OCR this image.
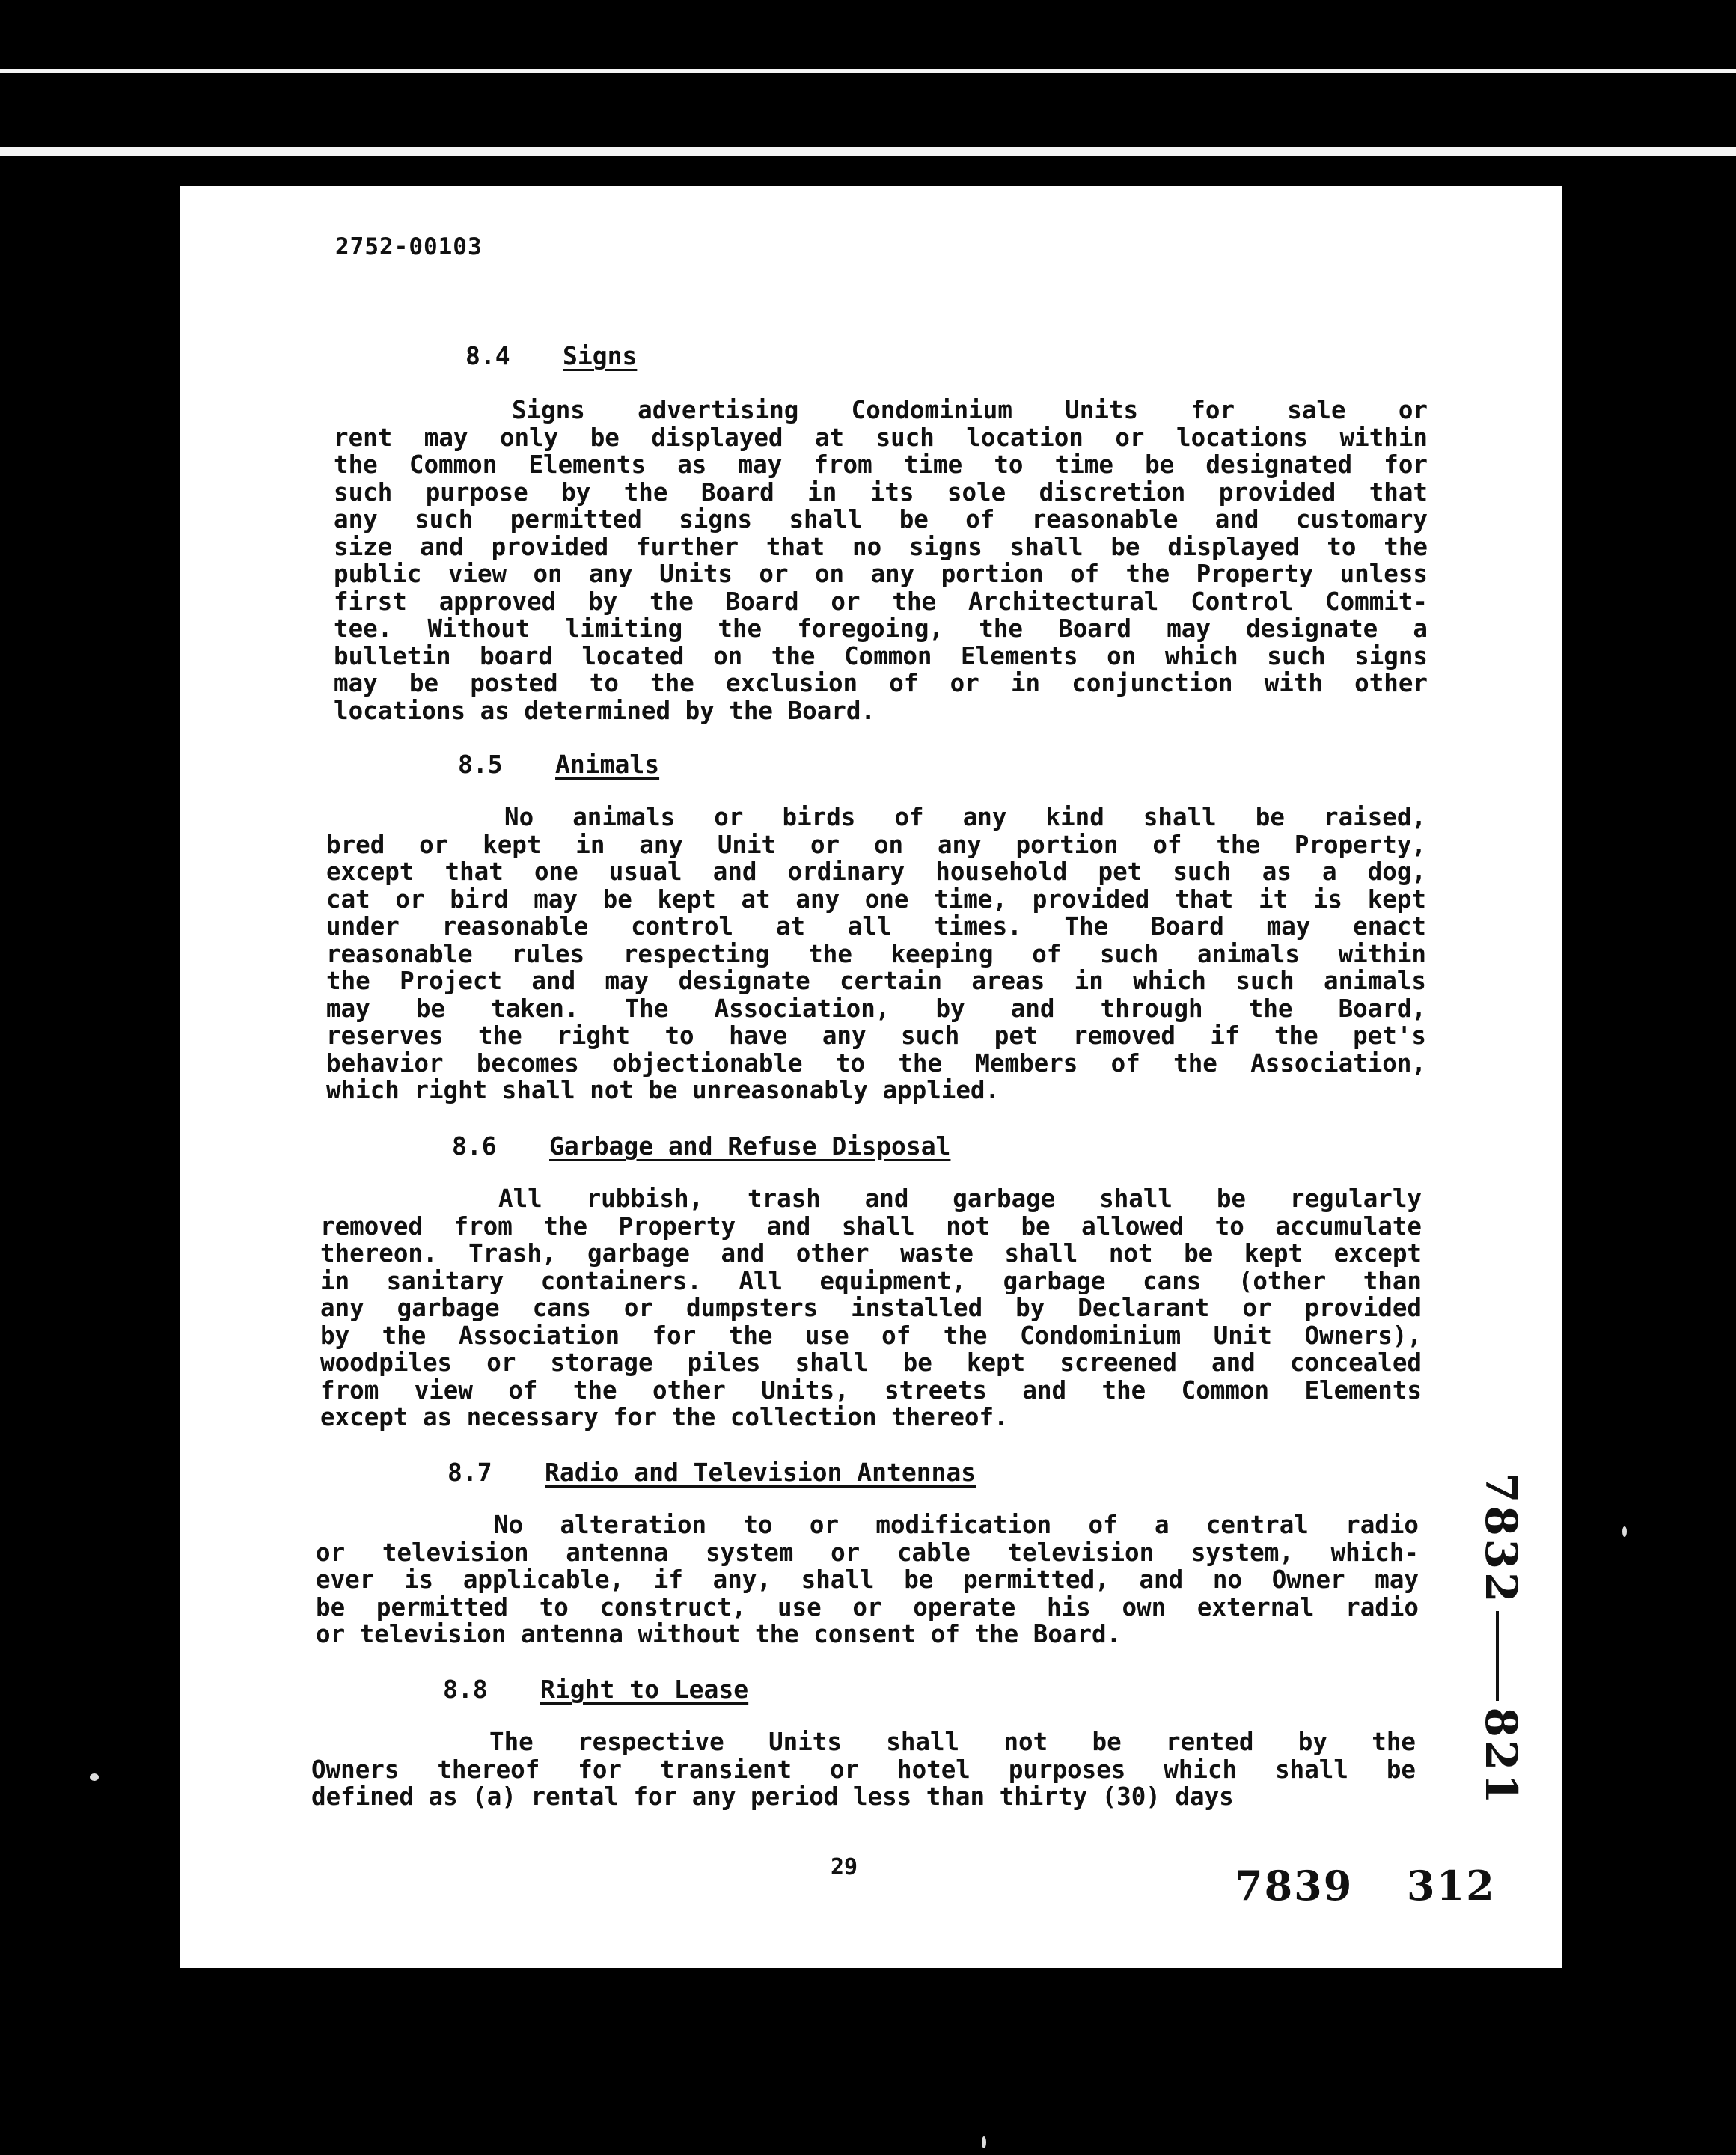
2752-00103
8.4 Signs
Signs advertising Condominium Units for sale or
rent may only be displayed at such location or locations within
the Common Elements as may from time to time be designated for
such purpose by the Board in its sole discretion provided that
any such permitted signs shall be of reasonable and customary
size and provided further that no signs shall be displayed to the
public view on any Units or on any portion of the Property unless
first approved by the Board or the Architectural Control Commit-
tee. Without limiting the foregoing, the Board may designate a
bulletin board located on the Common Elements on which such signs
may be posted to the exclusion of or in conjunction with other
locations as determined by the Board.
8.5 Animals
No animals or birds of any kind shall be raised,
bred or kept in any Unit or on any portion of the Property,
except that one usual and ordinary household pet such as a dog,
cat or bird may be kept at any one time, provided that it is kept
under reasonable control at all times. The Board may enact
reasonable rules respecting the keeping of such animals within
the Project and may designate certain areas in which such animals
may be taken. The Association, by and through the Board,
reserves the right to have any such pet removed if the pet's
behavior becomes objectionable to the Members of the Association,
which right shall not be unreasonably applied.
8.6 Garbage and Refuse Disposal
All rubbish, trash and garbage shall be regularly
removed from the Property and shall not be allowed to accumulate
thereon. Trash, garbage and other waste shall not be kept except
in sanitary containers. All equipment, garbage cans (other than
any garbage cans or dumpsters installed by Declarant or provided
by the Association for the use of the Condominium Unit Owners),
woodpiles or storage piles shall be kept screened and concealed
from view of the other Units, streets and the Common Elements
except as necessary for the collection thereof.
8.7 Radio and Television Antennas
No alteration to or modification of a central radio
or television antenna system or cable television system, which-
ever is applicable, if any, shall be permitted, and no Owner may
be permitted to construct, use or operate his own external radio
or television antenna without the consent of the Board.
8.8 Right to Lease
The respective Units shall not be rented by the
Owners thereof for transient or hotel purposes which shall be
defined as (a) rental for any period less than thirty (30) days
29	7839 312
7832821
